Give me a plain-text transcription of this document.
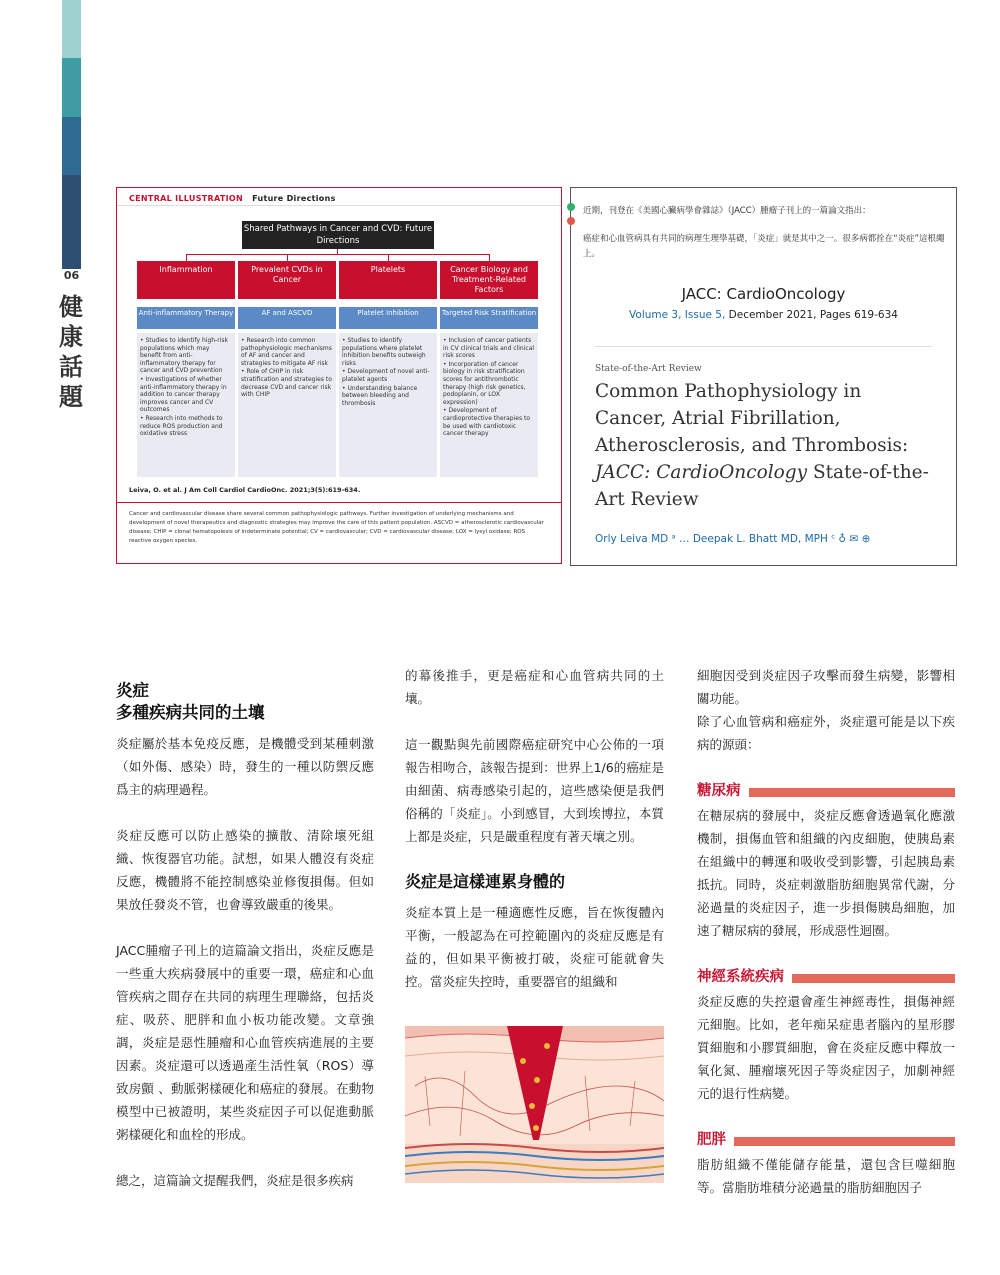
06
健
康
話
題
CENTRAL ILLUSTRATION Future Directions
Shared Pathways in Cancer and CVD: Future Directions
Inflammation	Prevalent CVDs in Cancer
Platelets	Cancer Biology and Treatment-Related Factors
Anti-inflammatory Therapy	AF and ASCVD	Platelet Inhibition	Targeted Risk Stratification
• Studies to identify high-risk populations which may benefit from anti-inflammatory therapy for cancer and CVD prevention
• Investigations of whether anti-inflammatory therapy in addition to cancer therapy improves cancer and CV outcomes
• Research into methods to reduce ROS production and oxidative stress
• Research into common pathophysiologic mechanisms of AF and cancer and strategies to mitigate AF risk
• Role of CHIP in risk stratification and strategies to decrease CVD and cancer risk with CHIP
• Studies to identify populations where platelet inhibition benefits outweigh risks
• Development of novel anti-platelet agents
• Understanding balance between bleeding and thrombosis
• Inclusion of cancer patients in CV clinical trials and clinical risk scores
• Incorporation of cancer biology in risk stratification scores for antithrombotic therapy (high risk genetics, podoplanin, or LOX expression)
• Development of cardioprotective therapies to be used with cardiotoxic cancer therapy
Leiva, O. et al. J Am Coll Cardiol CardioOnc. 2021;3(5):619-634.
Cancer and cardiovascular disease share several common pathophysiologic pathways. Further investigation of underlying mechanisms and development of novel therapeutics and diagnostic strategies may improve the care of this patient population. ASCVD = atherosclerotic cardiovascular disease; CHIP = clonal hematopoiesis of indeterminate potential; CV = cardiovascular; CVD = cardiovascular disease; LOX = lysyl oxidase; ROS reactive oxygen species.
近期，刊登在《美國心臟病學會雜誌》（JACC）腫瘤子刊上的一篇論文指出：
癌症和心血管病具有共同的病理生理學基礎，「炎症」就是其中之一。很多病都拴在“炎症”這根繩上。
JACC: CardioOncology
Volume 3, Issue 5, December 2021, Pages 619-634
State-of-the-Art Review
Common Pathophysiology in Cancer, Atrial Fibrillation, Atherosclerosis, and Thrombosis: JACC: CardioOncology State-of-the-Art Review
Orly Leiva MD ᵃ … Deepak L. Bhatt MD, MPH ᶜ ♁ ✉ ⊕
炎症
多種疾病共同的土壤

炎症屬於基本免疫反應，是機體受到某種刺激（如外傷、感染）時，發生的一種以防禦反應爲主的病理過程。

炎症反應可以防止感染的擴散、清除壞死組織、恢復器官功能。試想，如果人體沒有炎症反應，機體將不能控制感染並修復損傷。但如果放任發炎不管，也會導致嚴重的後果。

JACC腫瘤子刊上的這篇論文指出，炎症反應是一些重大疾病發展中的重要一環，癌症和心血管疾病之間存在共同的病理生理聯絡，包括炎症、吸菸、肥胖和血小板功能改變。文章強調，炎症是惡性腫瘤和心血管疾病進展的主要因素。炎症還可以透過產生活性氧（ROS）導致房顫 、動脈粥樣硬化和癌症的發展。在動物模型中已被證明，某些炎症因子可以促進動脈粥樣硬化和血栓的形成。

總之，這篇論文提醒我們，炎症是很多疾病

的幕後推手，更是癌症和心血管病共同的土壤。

這一觀點與先前國際癌症研究中心公佈的一項報告相吻合，該報告提到：世界上1/6的癌症是由細菌、病毒感染引起的，這些感染便是我們俗稱的「炎症」。小到感冒，大到埃博拉，本質上都是炎症，只是嚴重程度有著天壤之別。

炎症是這樣連累身體的

炎症本質上是一種適應性反應，旨在恢復體內平衡，一般認為在可控範圍內的炎症反應是有益的，但如果平衡被打破，炎症可能就會失控。當炎症失控時，重要器官的組織和

細胞因受到炎症因子攻擊而發生病變，影響相關功能。

除了心血管病和癌症外，炎症還可能是以下疾病的源頭：

糖尿病

在糖尿病的發展中，炎症反應會透過氧化應激機制，損傷血管和組織的內皮細胞，使胰島素在組織中的轉運和吸收受到影響，引起胰島素抵抗。同時，炎症刺激脂肪細胞異常代謝，分泌過量的炎症因子，進一步損傷胰島細胞，加速了糖尿病的發展，形成惡性迴圈。

神經系統疾病

炎症反應的失控還會產生神經毒性，損傷神經元細胞。比如，老年痴呆症患者腦內的星形膠質細胞和小膠質細胞，會在炎症反應中釋放一氧化氮、腫瘤壞死因子等炎症因子，加劇神經元的退行性病變。

肥胖

脂肪組織不僅能儲存能量，還包含巨噬細胞等。當脂肪堆積分泌過量的脂肪細胞因子
